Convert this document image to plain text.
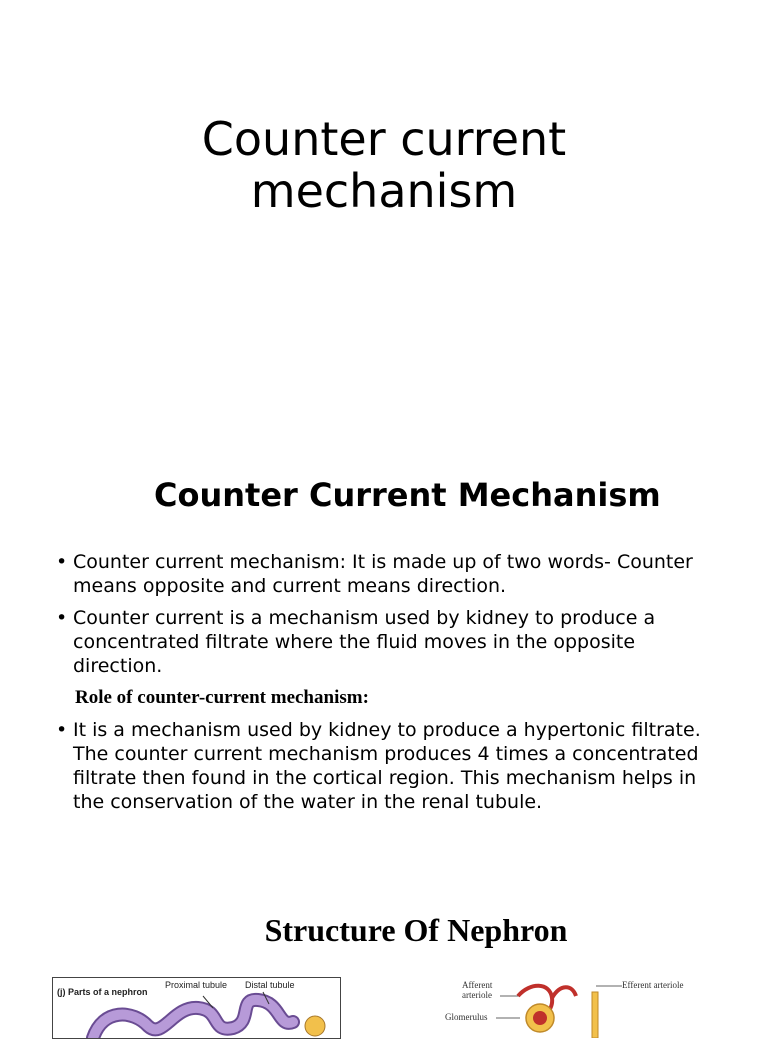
Counter current
mechanism
Counter Current Mechanism
• Counter current mechanism: It is made up of two words- Counter means opposite and current means direction.
• Counter current is a mechanism used by kidney to produce a concentrated filtrate where the fluid moves in the opposite direction.
Role of counter-current mechanism:
• It is a mechanism used by kidney to produce a hypertonic filtrate. The counter current mechanism produces 4 times a concentrated filtrate then found in the cortical region. This mechanism helps in the conservation of the water in the renal tubule.
Structure Of Nephron
(j) Parts of a nephron
Proximal tubule Distal tubule	Afferent
arteriole
Efferent arteriole
Glomerulus
